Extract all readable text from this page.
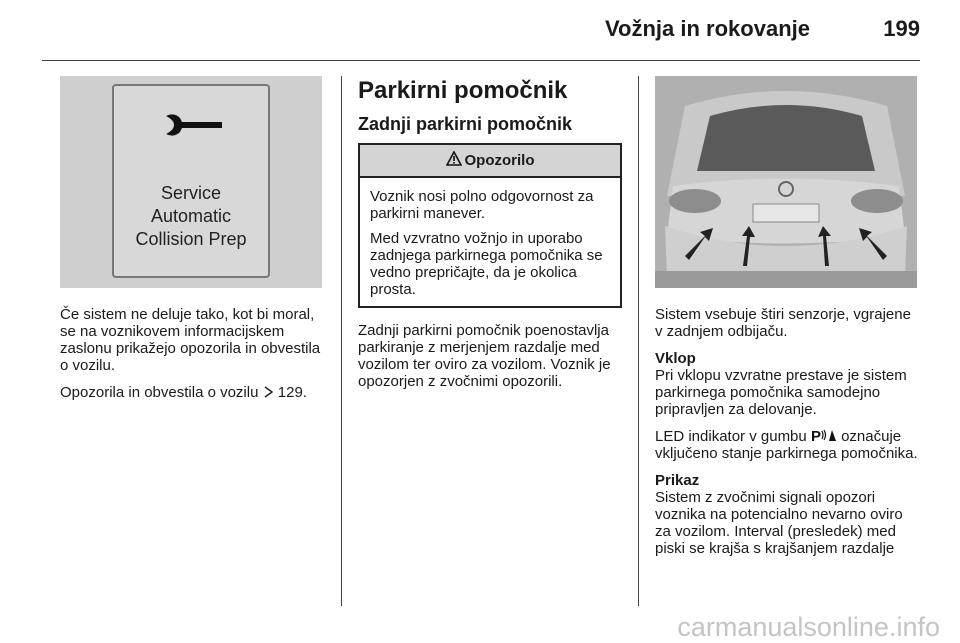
Vožnja in rokovanje	199
Service
Automatic
Collision Prep

Če sistem ne deluje tako, kot bi moral, se na voznikovem informacijskem zaslonu prikažejo opozorila in obvestila o vozilu.

Opozorila in obvestila o vozilu 129.

Parkirni pomočnik
Zadnji parkirni pomočnik
Opozorilo

Voznik nosi polno odgovornost za parkirni manever.

Med vzvratno vožnjo in uporabo zadnjega parkirnega pomočnika se vedno prepričajte, da je okolica prosta.

Zadnji parkirni pomočnik poenostavlja parkiranje z merjenjem razdalje med vozilom ter oviro za vozilom. Voznik je opozorjen z zvočnimi opozorili.

Sistem vsebuje štiri senzorje, vgrajene v zadnjem odbijaču.

Vklop
Pri vklopu vzvratne prestave je sistem parkirnega pomočnika samodejno pripravljen za delovanje.

LED indikator v gumbu P označuje vključeno stanje parkirnega pomočnika.

Prikaz
Sistem z zvočnimi signali opozori voznika na potencialno nevarno oviro za vozilom. Interval (presledek) med piski se krajša s krajšanjem razdalje

carmanualsonline.info
